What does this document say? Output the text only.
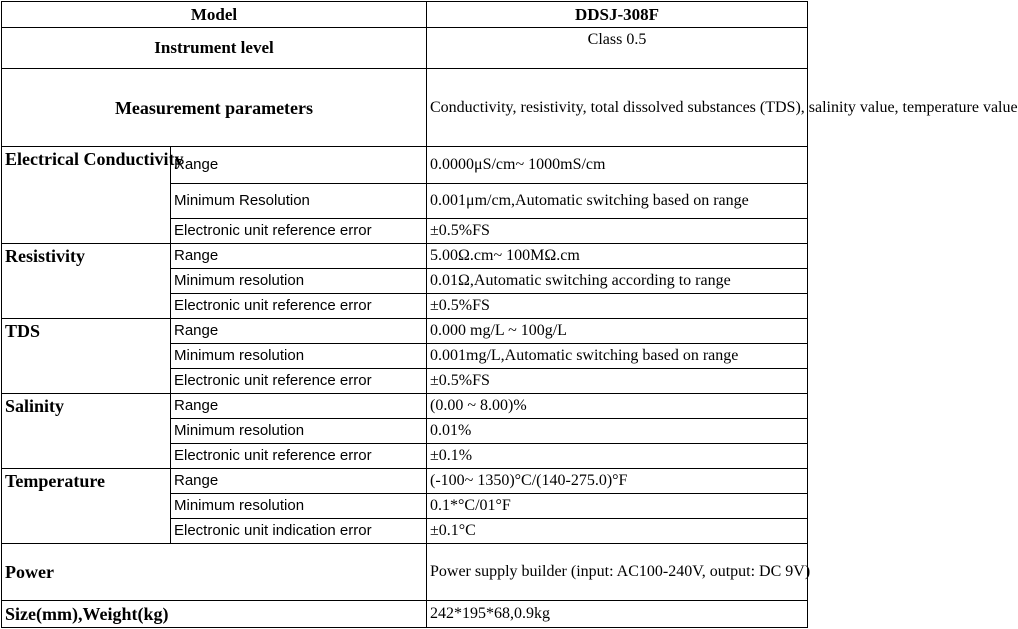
Model		DDSJ-308F
Instrument level		Class 0.5
Measurement parameters		Conductivity, resistivity, total dissolved substances (TDS), salinity value, temperature value
Electrical Conductivity	Range	0.0000μS/cm~ 1000mS/cm
	Minimum Resolution	0.001μm/cm,Automatic switching based on range
	Electronic unit reference error	±0.5%FS
Resistivity	Range	5.00Ω.cm~ 100MΩ.cm
	Minimum resolution	0.01Ω,Automatic switching according to range
	Electronic unit reference error	±0.5%FS
TDS	Range	0.000 mg/L ~ 100g/L
	Minimum resolution	0.001mg/L,Automatic switching based on range
	Electronic unit reference error	±0.5%FS
Salinity	Range	(0.00 ~ 8.00)%
	Minimum resolution	0.01%
	Electronic unit reference error	±0.1%
Temperature	Range	(-100~ 1350)°C/(140-275.0)°F
	Minimum resolution	0.1*°C/01°F
	Electronic unit indication error	±0.1°C
Power		Power supply builder (input: AC100-240V, output: DC 9V)
Size(mm),Weight(kg)		242*195*68,0.9kg
